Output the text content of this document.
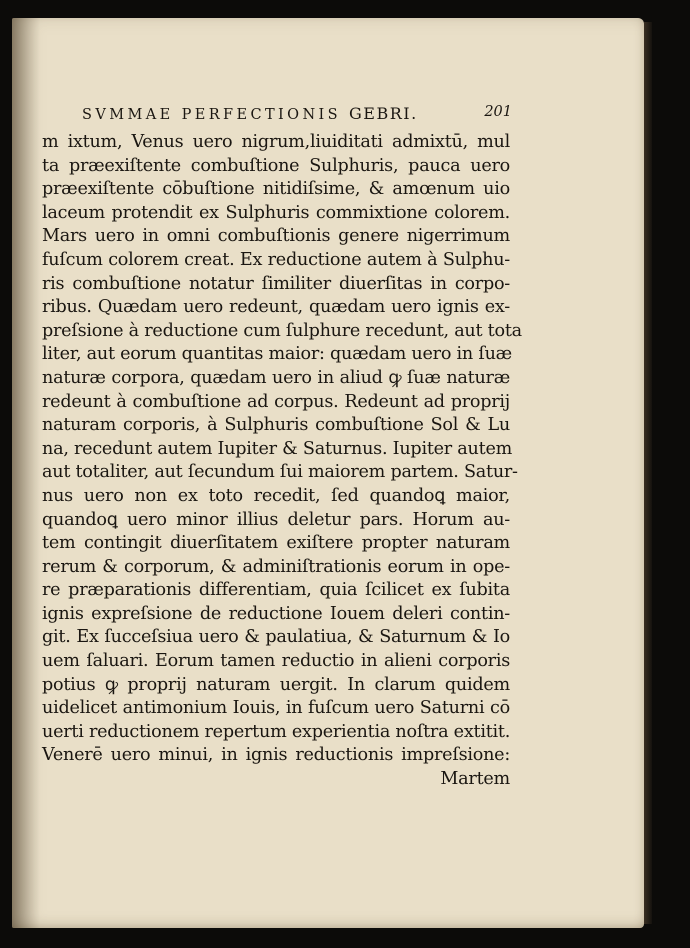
SVMMAE PERFECTIONIS GEBRI.	201
m ixtum, Venus uero nigrum,liuiditati admixtū, mul
ta præexiſtente combuſtione Sulphuris, pauca uero
præexiſtente cōbuſtione nitidiſsime, & amœnum uio
laceum protendit ex Sulphuris commixtione colorem.
Mars uero in omni combuſtionis genere nigerrimum
fuſcum colorem creat. Ex reductione autem à Sulphu-
ris combuſtione notatur ſimiliter diuerſitas in corpo-
ribus. Quædam uero redeunt, quædam uero ignis ex-
preſsione à reductione cum ſulphure recedunt, aut tota
liter, aut eorum quantitas maior: quædam uero in ſuæ
naturæ corpora, quædam uero in aliud ꝙ ſuæ naturæ
redeunt à combuſtione ad corpus. Redeunt ad proprij
naturam corporis, à Sulphuris combuſtione Sol & Lu
na, recedunt autem Iupiter & Saturnus. Iupiter autem
aut totaliter, aut ſecundum ſui maiorem partem. Satur-
nus uero non ex toto recedit, ſed quandoꝗ maior,
quandoꝗ uero minor illius deletur pars. Horum au-
tem contingit diuerſitatem exiſtere propter naturam
rerum & corporum, & adminiſtrationis eorum in ope-
re præparationis differentiam, quia ſcilicet ex ſubita
ignis expreſsione de reductione Iouem deleri contin-
git. Ex ſucceſsiua uero & paulatiua, & Saturnum & Io
uem ſaluari. Eorum tamen reductio in alieni corporis
potius ꝙ proprij naturam uergit. In clarum quidem
uidelicet antimonium Iouis, in fuſcum uero Saturni cō
uerti reductionem repertum experientia noſtra extitit.
Venerē uero minui, in ignis reductionis impreſsione:
Martem
